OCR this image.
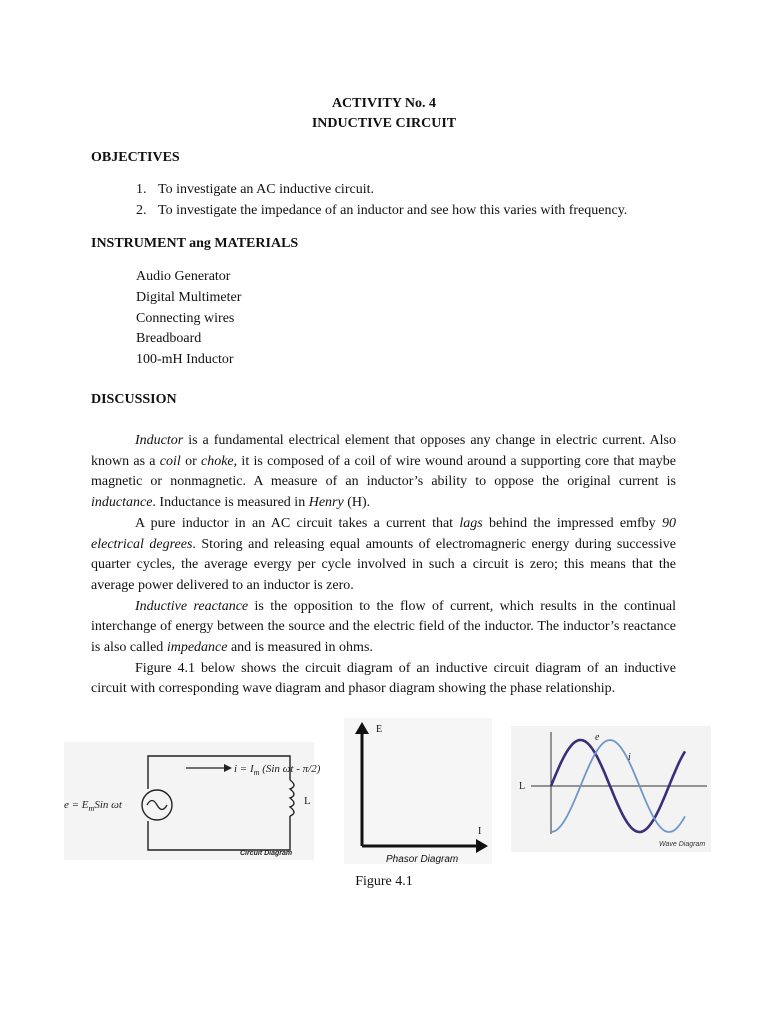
ACTIVITY No. 4
INDUCTIVE CIRCUIT
OBJECTIVES
1. To investigate an AC inductive circuit.
2. To investigate the impedance of an inductor and see how this varies with frequency.
INSTRUMENT ang MATERIALS
Audio Generator
Digital Multimeter
Connecting wires
Breadboard
100-mH Inductor
DISCUSSION

Inductor is a fundamental electrical element that opposes any change in electric current. Also known as a coil or choke, it is composed of a coil of wire wound around a supporting core that maybe magnetic or nonmagnetic. A measure of an inductor’s ability to oppose the original current is inductance. Inductance is measured in Henry (H).

A pure inductor in an AC circuit takes a current that lags behind the impressed emfby 90 electrical degrees. Storing and releasing equal amounts of electromagneric energy during successive quarter cycles, the average evergy per cycle involved in such a circuit is zero; this means that the average power delivered to an inductor is zero.

Inductive reactance is the opposition to the flow of current, which results in the continual interchange of energy between the source and the electric field of the inductor. The inductor’s reactance is also called impedance and is measured in ohms.

Figure 4.1 below shows the circuit diagram of an inductive circuit diagram of an inductive circuit with corresponding wave diagram and phasor diagram showing the phase relationship.

$i = I_m$ (Sin ωt - π/2)
$e = E_mSin$ ωt	L
Circuit Diagram
E
I
Phasor Diagram
e
i
L
Wave Diagram
Figure 4.1
